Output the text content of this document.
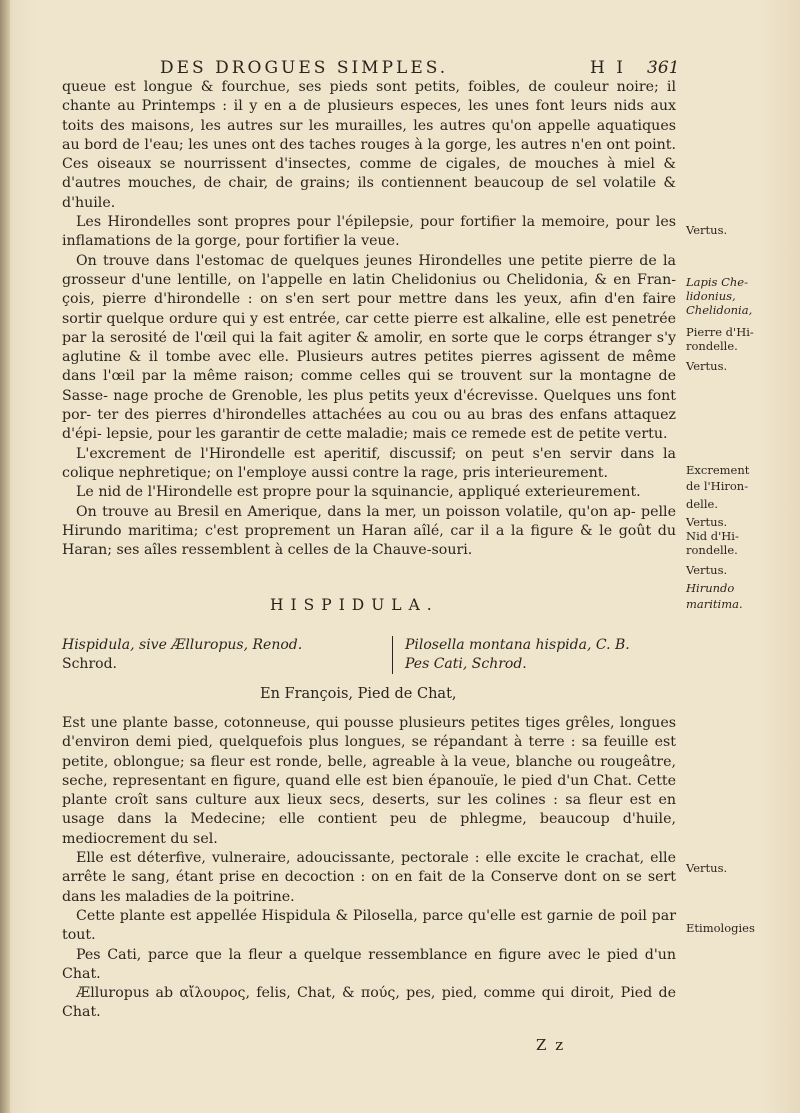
DES DROGUES SIMPLES.	H I 361

queue est longue & fourchue, ses pieds sont petits, foibles, de couleur noire; il chante au Printemps : il y en a de plusieurs especes, les unes font leurs nids aux toits des maisons, les autres sur les murailles, les autres qu'on appelle aquatiques au bord de l'eau; les unes ont des taches rouges à la gorge, les autres n'en ont point. Ces oiseaux se nourrissent d'insectes, comme de cigales, de mouches à miel & d'autres mouches, de chair, de grains; ils contiennent beaucoup de sel volatile & d'huile.

Les Hirondelles sont propres pour l'épilepsie, pour fortifier la memoire, pour les inflamations de la gorge, pour fortifier la veue.

On trouve dans l'estomac de quelques jeunes Hirondelles une petite pierre de la grosseur d'une lentille, on l'appelle en latin Chelidonius ou Chelidonia, & en Fran- çois, pierre d'hirondelle : on s'en sert pour mettre dans les yeux, afin d'en faire sortir quelque ordure qui y est entrée, car cette pierre est alkaline, elle est penetrée par la serosité de l'œil qui la fait agiter & amolir, en sorte que le corps étranger s'y aglutine & il tombe avec elle. Plusieurs autres petites pierres agissent de même dans l'œil par la même raison; comme celles qui se trouvent sur la montagne de Sasse- nage proche de Grenoble, les plus petits yeux d'écrevisse. Quelques uns font por- ter des pierres d'hirondelles attachées au cou ou au bras des enfans attaquez d'épi- lepsie, pour les garantir de cette maladie; mais ce remede est de petite vertu.

L'excrement de l'Hirondelle est aperitif, discussif; on peut s'en servir dans la colique nephretique; on l'employe aussi contre la rage, pris interieurement.

Le nid de l'Hirondelle est propre pour la squinancie, appliqué exterieurement.

On trouve au Bresil en Amerique, dans la mer, un poisson volatile, qu'on ap- pelle Hirundo maritima; c'est proprement un Haran aîlé, car il a la figure & le goût du Haran; ses aîles ressemblent à celles de la Chauve-souri.

Vertus.
Lapis Che-
lidonius,
Chelidonia,
Pierre d'Hi-
rondelle.
Vertus.
Excrement
de l'Hiron-
delle.
Vertus.
Nid d'Hi-
rondelle.
Vertus.
Hirundo
maritima.
Vertus.
Etimologies
HISPIDULA.
Hispidula, sive Ælluropus, Renod.
Schrod.
Pilosella montana hispida, C. B.
Pes Cati, Schrod.
En François, Pied de Chat,

Est une plante basse, cotonneuse, qui pousse plusieurs petites tiges grêles, longues d'environ demi pied, quelquefois plus longues, se répandant à terre : sa feuille est petite, oblongue; sa fleur est ronde, belle, agreable à la veue, blanche ou rougeâtre, seche, representant en figure, quand elle est bien épanouïe, le pied d'un Chat. Cette plante croît sans culture aux lieux secs, deserts, sur les colines : sa fleur est en usage dans la Medecine; elle contient peu de phlegme, beaucoup d'huile, mediocrement du sel.

Elle est déterfive, vulneraire, adoucissante, pectorale : elle excite le crachat, elle arrête le sang, étant prise en decoction : on en fait de la Conserve dont on se sert dans les maladies de la poitrine.

Cette plante est appellée Hispidula & Pilosella, parce qu'elle est garnie de poil par tout.

Pes Cati, parce que la fleur a quelque ressemblance en figure avec le pied d'un Chat.

Ælluropus ab αἴλουρος, felis, Chat, & πούς, pes, pied, comme qui diroit, Pied de Chat.

Z z
